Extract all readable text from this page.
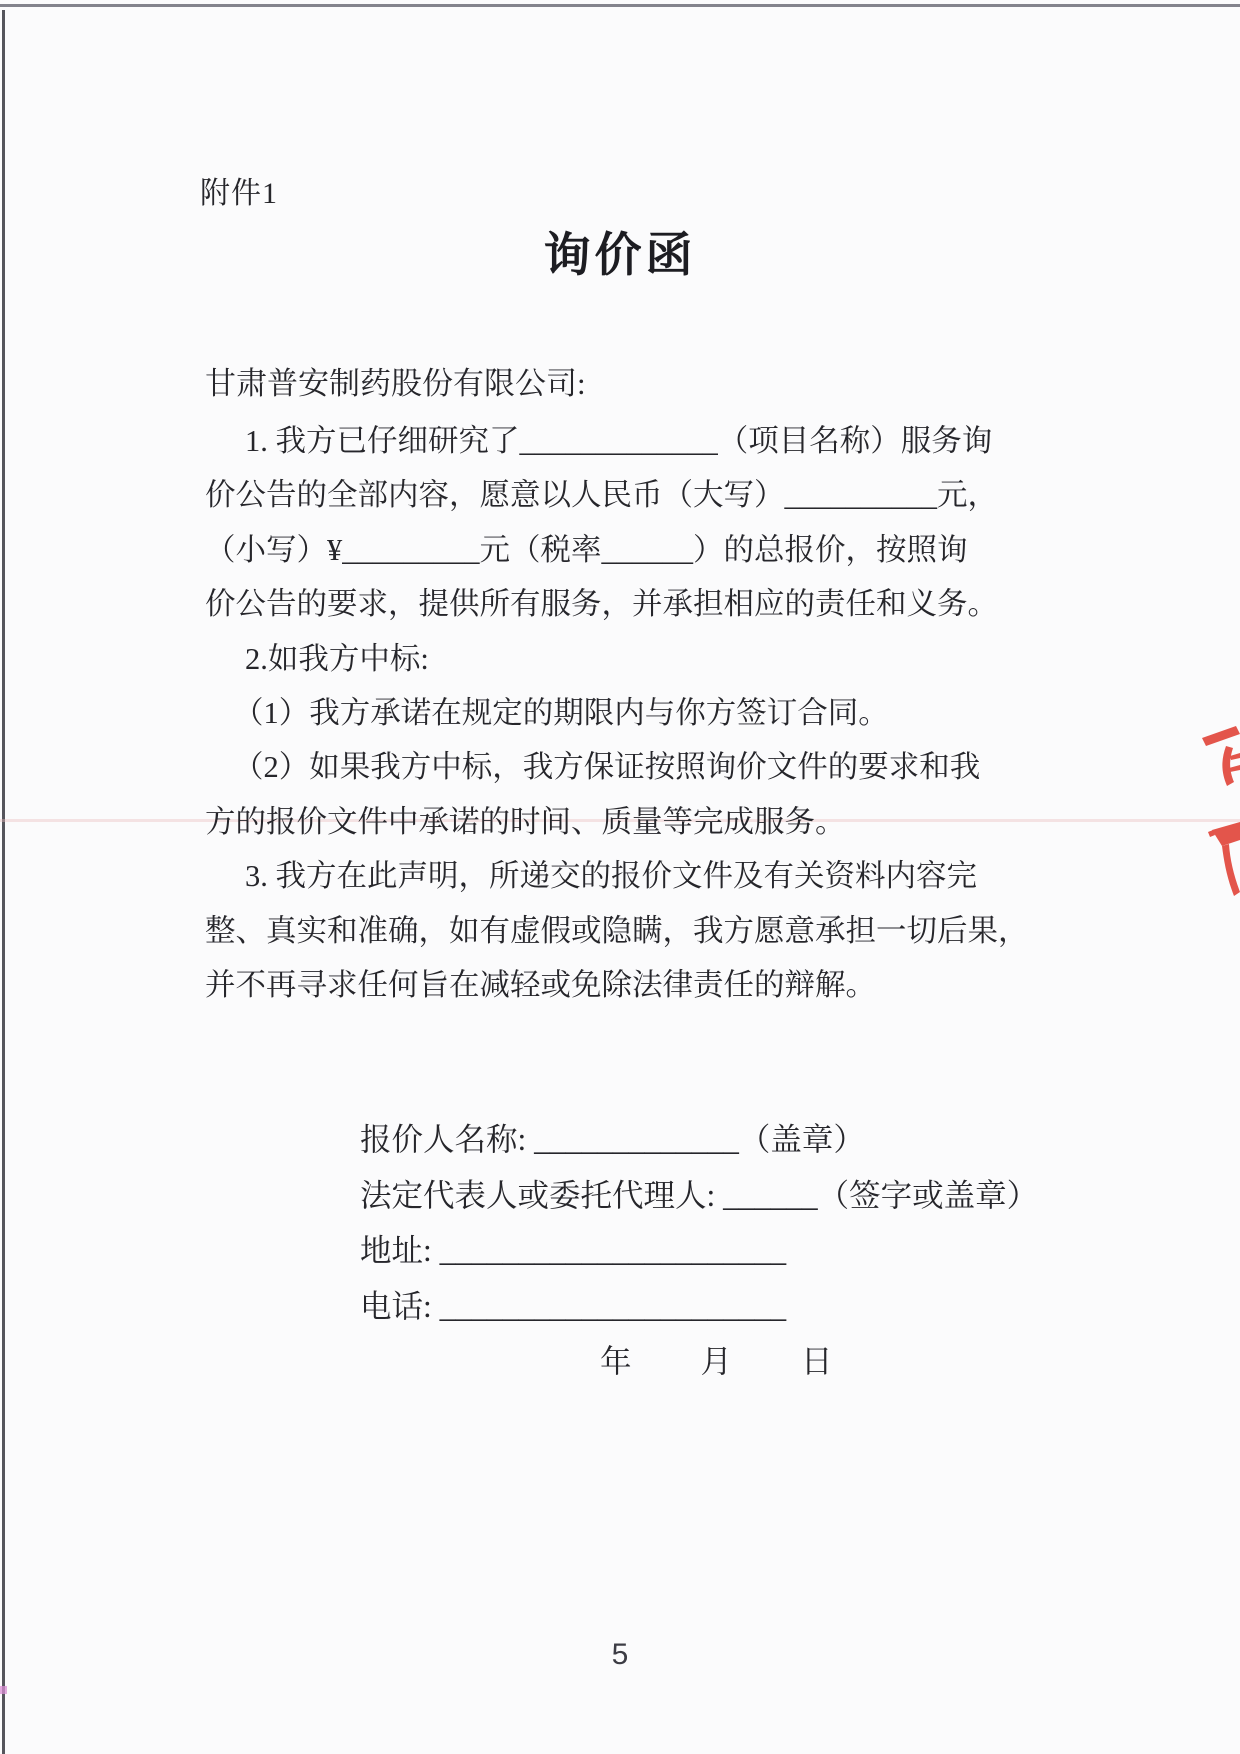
附件1
询价函
甘肃普安制药股份有限公司:
1. 我方已仔细研究了_____________（项目名称）服务询
价公告的全部内容，愿意以人民币（大写）__________元，
（小写）¥_________元（税率______）的总报价，按照询
价公告的要求，提供所有服务，并承担相应的责任和义务。
2.如我方中标:
（1）我方承诺在规定的期限内与你方签订合同。
（2）如果我方中标，我方保证按照询价文件的要求和我
方的报价文件中承诺的时间、质量等完成服务。
3. 我方在此声明，所递交的报价文件及有关资料内容完
整、真实和准确，如有虚假或隐瞒，我方愿意承担一切后果，
并不再寻求任何旨在减轻或免除法律责任的辩解。
报价人名称: _____________（盖章）
法定代表人或委托代理人: ______（签字或盖章）
地址: ______________________
电话: ______________________
年　　月　　日
5
